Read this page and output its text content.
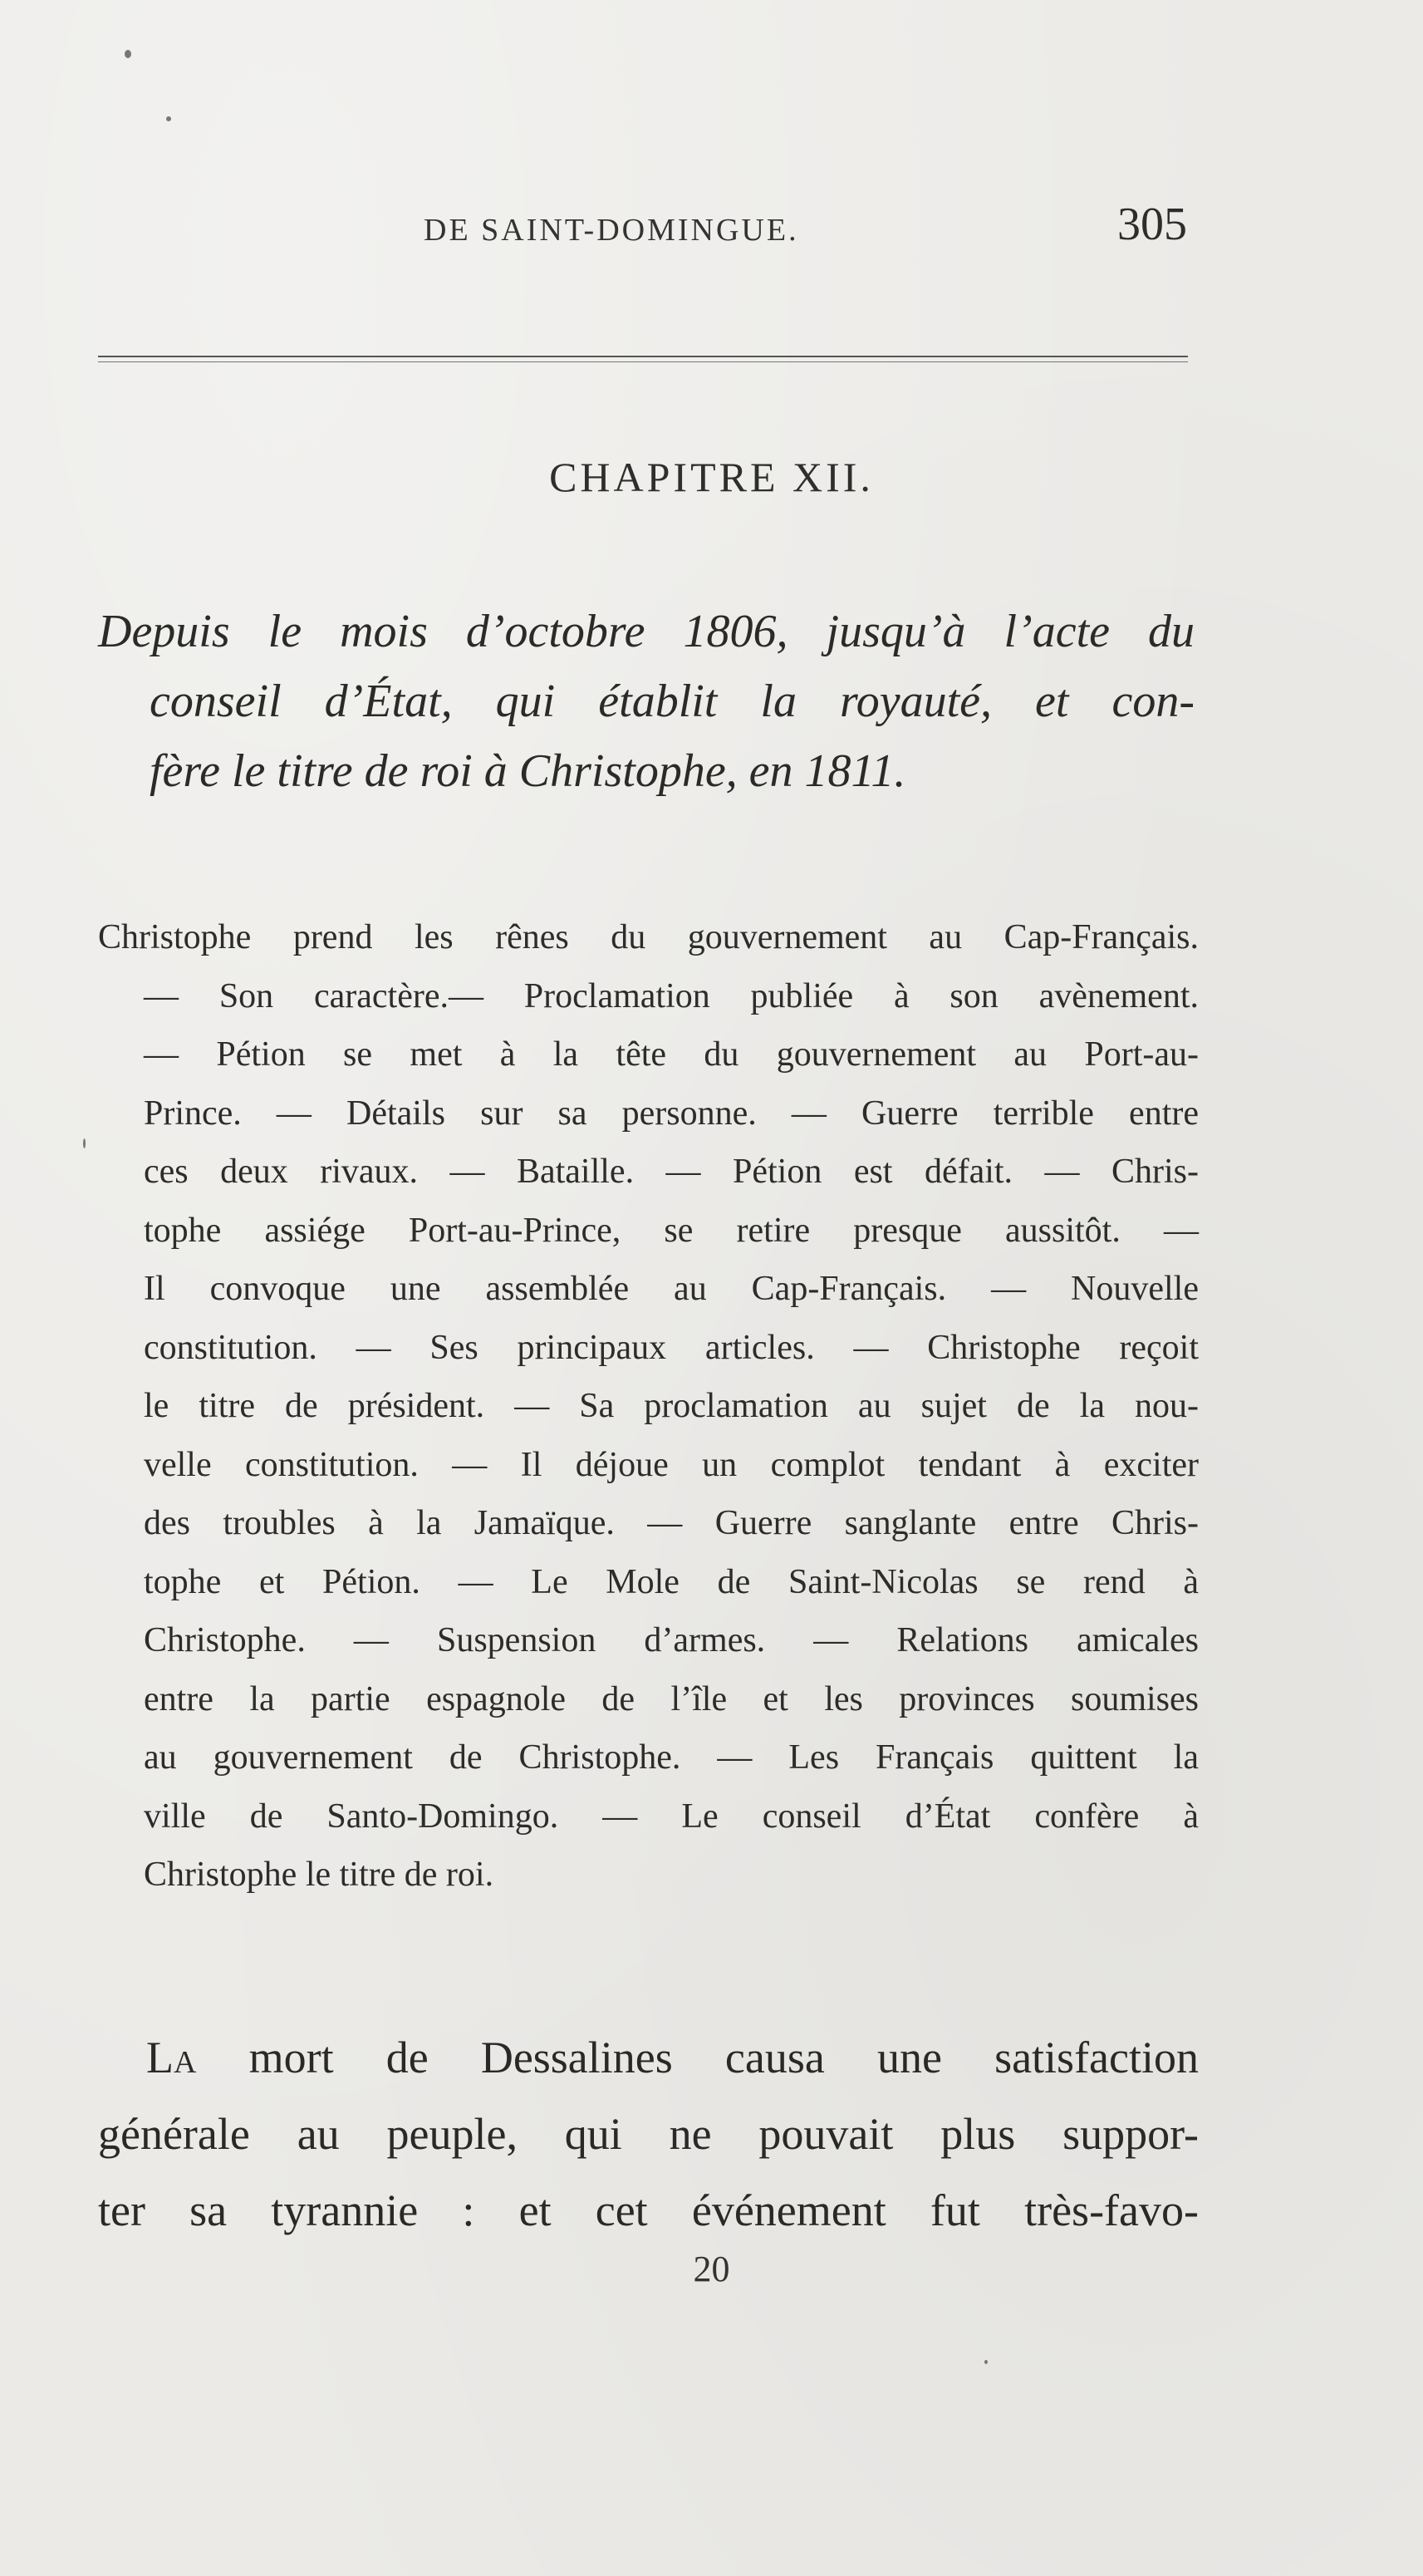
DE SAINT-DOMINGUE.	305
CHAPITRE XII.
Depuis le mois d’octobre 1806, jusqu’à l’acte du
conseil d’État, qui établit la royauté, et con-
fère le titre de roi à Christophe, en 1811.
Christophe prend les rênes du gouvernement au Cap-Français.
— Son caractère.— Proclamation publiée à son avènement.
— Pétion se met à la tête du gouvernement au Port-au-
Prince. — Détails sur sa personne. — Guerre terrible entre
ces deux rivaux. — Bataille. — Pétion est défait. — Chris-
tophe assiége Port-au-Prince, se retire presque aussitôt. —
Il convoque une assemblée au Cap-Français. — Nouvelle
constitution. — Ses principaux articles. — Christophe reçoit
le titre de président. — Sa proclamation au sujet de la nou-
velle constitution. — Il déjoue un complot tendant à exciter
des troubles à la Jamaïque. — Guerre sanglante entre Chris-
tophe et Pétion. — Le Mole de Saint-Nicolas se rend à
Christophe. — Suspension d’armes. — Relations amicales
entre la partie espagnole de l’île et les provinces soumises
au gouvernement de Christophe. — Les Français quittent la
ville de Santo-Domingo. — Le conseil d’État confère à
Christophe le titre de roi.
La mort de Dessalines causa une satisfaction
générale au peuple, qui ne pouvait plus suppor-
ter sa tyrannie : et cet événement fut très-favo-
20
